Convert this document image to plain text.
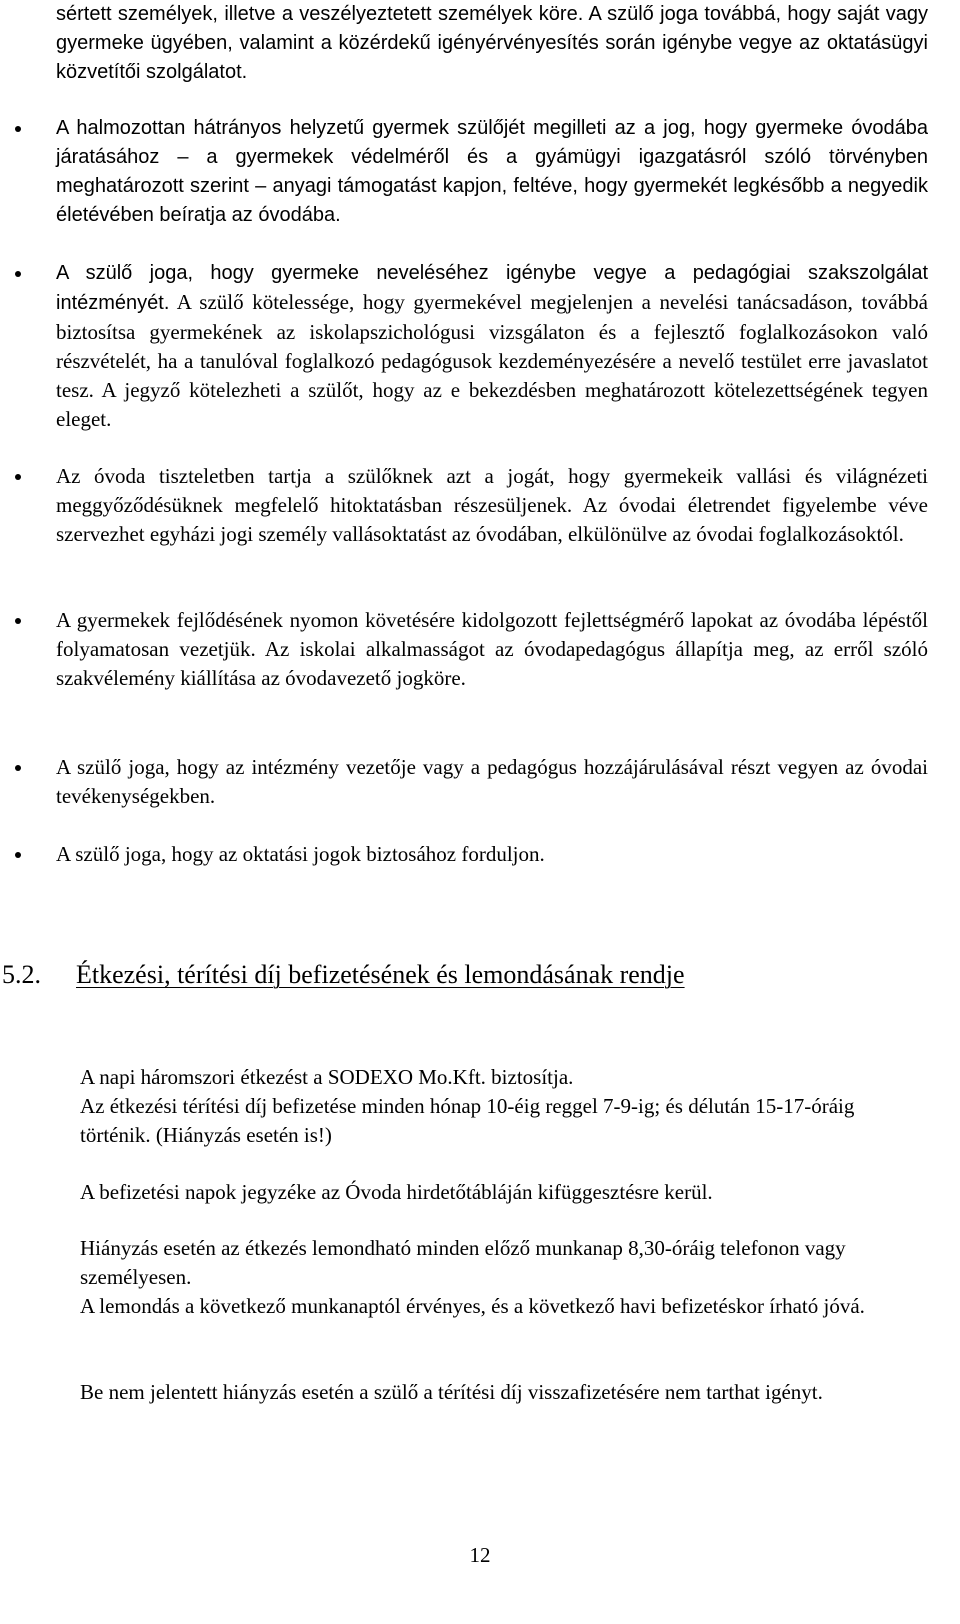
sértett személyek, illetve a veszélyeztetett személyek köre. A szülő joga továbbá, hogy saját vagy gyermeke ügyében, valamint a közérdekű igényérvényesítés során igénybe vegye az oktatásügyi közvetítői szolgálatot.

A halmozottan hátrányos helyzetű gyermek szülőjét megilleti az a jog, hogy gyermeke óvodába járatásához – a gyermekek védelméről és a gyámügyi igazgatásról szóló törvényben meghatározott szerint – anyagi támogatást kapjon, feltéve, hogy gyermekét legkésőbb a negyedik életévében beíratja az óvodába.

A szülő joga, hogy gyermeke neveléséhez igénybe vegye a pedagógiai szakszolgálat intézményét. A szülő kötelessége, hogy gyermekével megjelenjen a nevelési tanácsadáson, továbbá biztosítsa gyermekének az iskolapszichológusi vizsgálaton és a fejlesztő foglalkozásokon való részvételét, ha a tanulóval foglalkozó pedagógusok kezdeményezésére a nevelő testület erre javaslatot tesz. A jegyző kötelezheti a szülőt, hogy az e bekezdésben meghatározott kötelezettségének tegyen eleget.

Az óvoda tiszteletben tartja a szülőknek azt a jogát, hogy gyermekeik vallási és világnézeti meggyőződésüknek megfelelő hitoktatásban részesüljenek. Az óvodai életrendet figyelembe véve szervezhet egyházi jogi személy vallásoktatást az óvodában, elkülönülve az óvodai foglalkozásoktól.

A gyermekek fejlődésének nyomon követésére kidolgozott fejlettségmérő lapokat az óvodába lépéstől folyamatosan vezetjük. Az iskolai alkalmasságot az óvodapedagógus állapítja meg, az erről szóló szakvélemény kiállítása az óvodavezető jogköre.

A szülő joga, hogy az intézmény vezetője vagy a pedagógus hozzájárulásával részt vegyen az óvodai tevékenységekben.

A szülő joga, hogy az oktatási jogok biztosához forduljon.

5.2. Étkezési, térítési díj befizetésének és lemondásának rendje

A napi háromszori étkezést a SODEXO Mo.Kft. biztosítja.

Az étkezési térítési díj befizetése minden hónap 10-éig reggel 7-9-ig; és délután 15-17-óráig történik. (Hiányzás esetén is!)

A befizetési napok jegyzéke az Óvoda hirdetőtábláján kifüggesztésre kerül.

Hiányzás esetén az étkezés lemondható minden előző munkanap 8,30-óráig telefonon vagy személyesen.

A lemondás a következő munkanaptól érvényes, és a következő havi befizetéskor írható jóvá.

Be nem jelentett hiányzás esetén a szülő a térítési díj visszafizetésére nem tarthat igényt.

12
